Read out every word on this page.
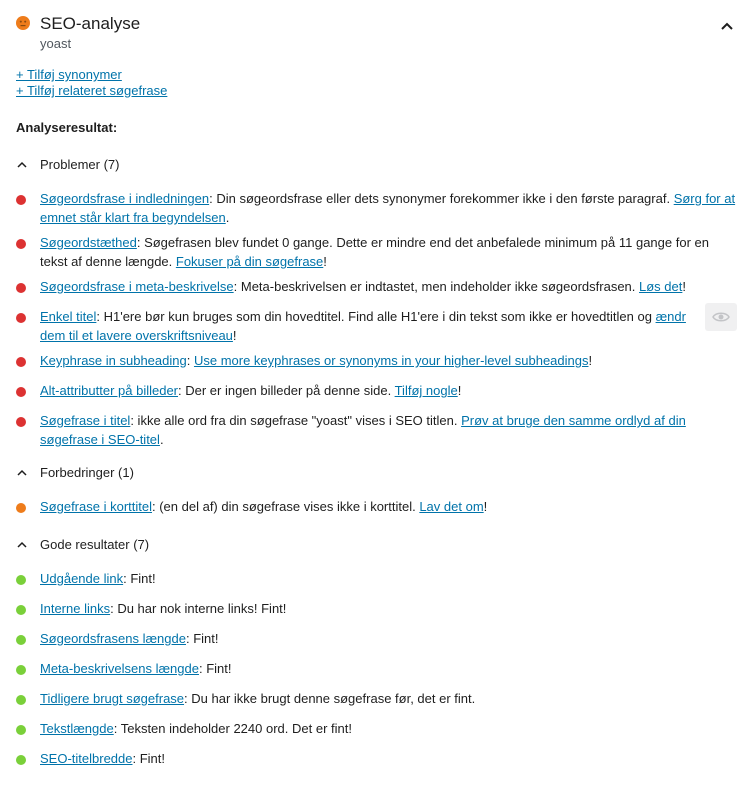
SEO-analyse
yoast
+ Tilføj synonymer
+ Tilføj relateret søgefrase
Analyseresultat:
Problemer (7)
Søgeordsfrase i indledningen: Din søgeordsfrase eller dets synonymer forekommer ikke i den første paragraf. Sørg for at emnet står klart fra begyndelsen.
Søgeordstæthed: Søgefrasen blev fundet 0 gange. Dette er mindre end det anbefalede minimum på 11 gange for en tekst af denne længde. Fokuser på din søgefrase!
Søgeordsfrase i meta-beskrivelse: Meta-beskrivelsen er indtastet, men indeholder ikke søgeordsfrasen. Løs det!
Enkel titel: H1'ere bør kun bruges som din hovedtitel. Find alle H1'ere i din tekst som ikke er hovedtitlen og ændr dem til et lavere overskriftsniveau!
Keyphrase in subheading: Use more keyphrases or synonyms in your higher-level subheadings!
Alt-attributter på billeder: Der er ingen billeder på denne side. Tilføj nogle!
Søgefrase i titel: ikke alle ord fra din søgefrase "yoast" vises i SEO titlen. Prøv at bruge den samme ordlyd af din søgefrase i SEO-titel.
Forbedringer (1)
Søgefrase i korttitel: (en del af) din søgefrase vises ikke i korttitel. Lav det om!
Gode resultater (7)
Udgående link: Fint!
Interne links: Du har nok interne links! Fint!
Søgeordsfrasens længde: Fint!
Meta-beskrivelsens længde: Fint!
Tidligere brugt søgefrase: Du har ikke brugt denne søgefrase før, det er fint.
Tekstlængde: Teksten indeholder 2240 ord. Det er fint!
SEO-titelbredde: Fint!
